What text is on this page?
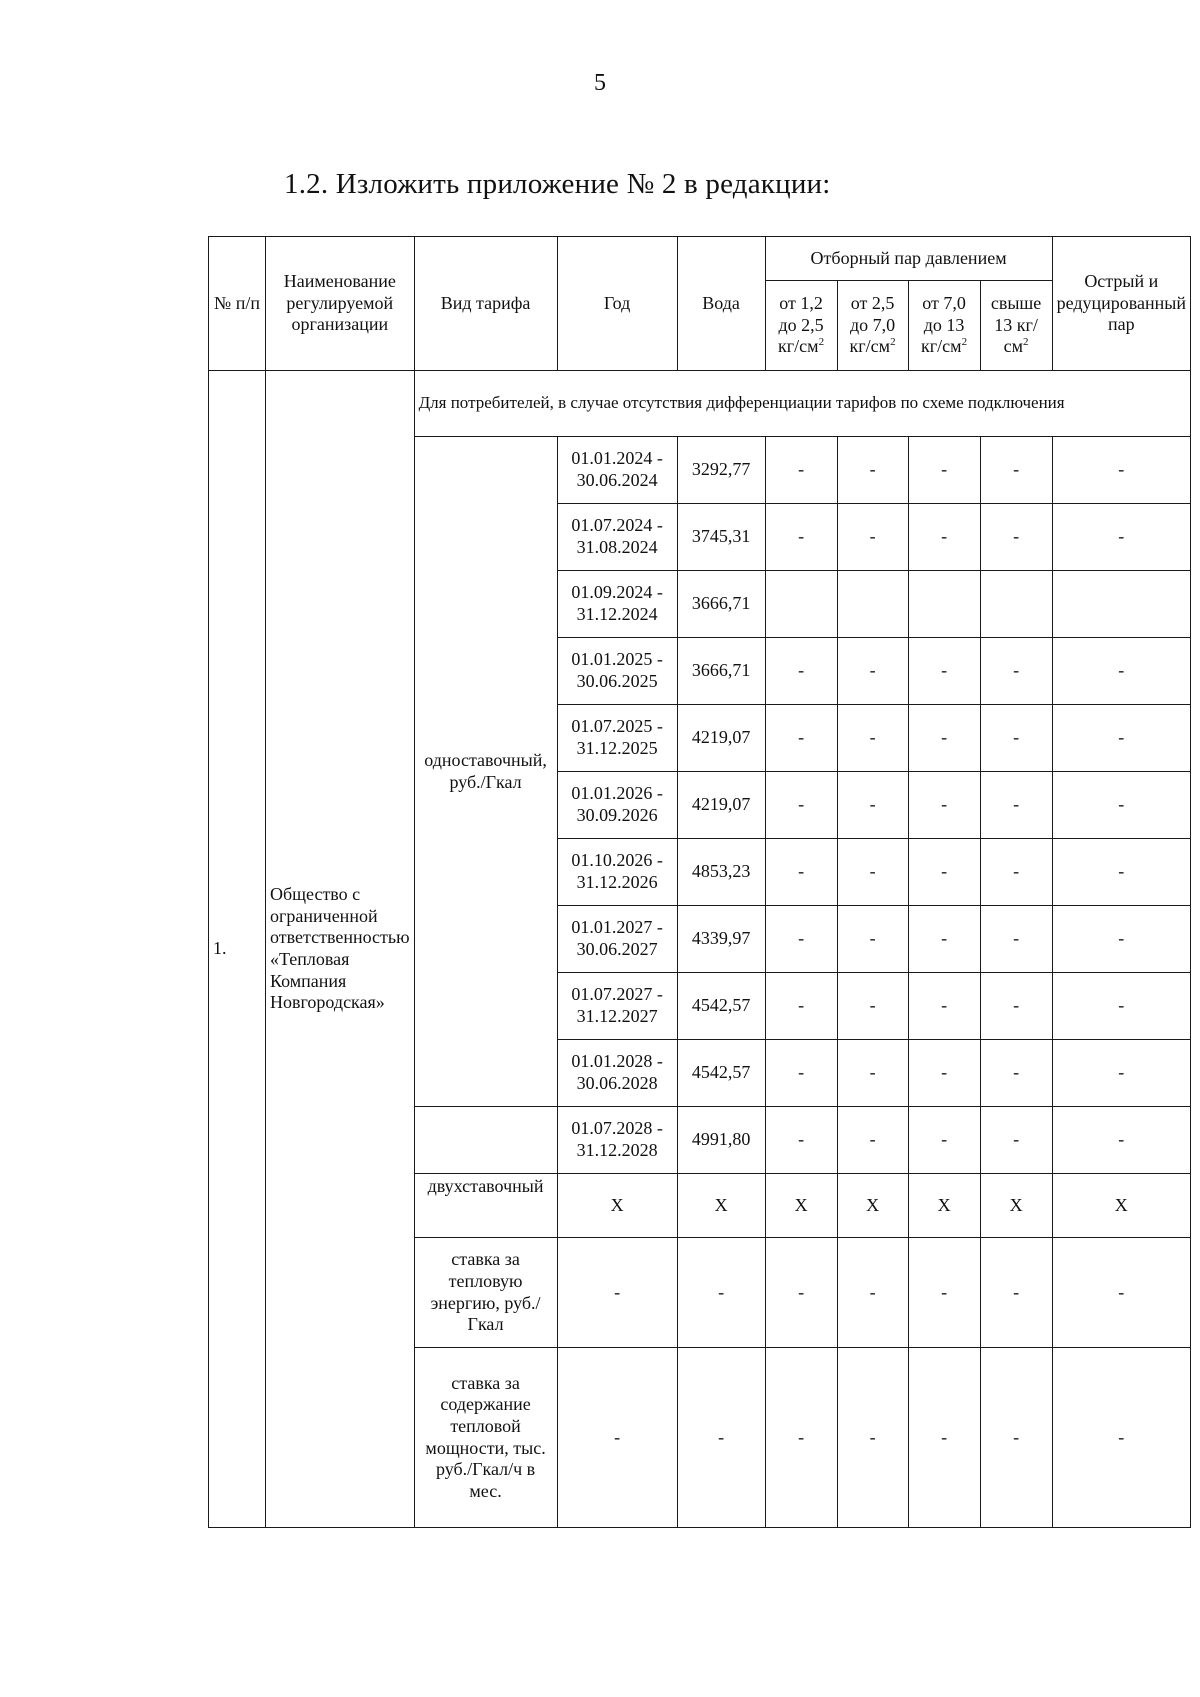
5
1.2. Изложить приложение № 2 в редакции:
№ п/п	Наименование регулируемой организации	Вид тарифа	Год	Вода	Отборный пар давлением				Острый и редуцированный пар
					от 1,2 до 2,5 $кг/см^2$	от 2,5 до 7,0 $кг/см^2$	от 7,0 до 13 $кг/см^2$	свыше 13 $кг/см^2$
1.	Общество с ограниченной ответственностью «Тепловая Компания Новгородская»	Для потребителей, в случае отсутствия дифференциации тарифов по схеме подключения							
		одноставочный, руб./Гкал	01.01.2024 - 30.06.2024	3292,77	-	-	-	-	-
			01.07.2024 - 31.08.2024	3745,31	-	-	-	-	-
			01.09.2024 - 31.12.2024	3666,71					
			01.01.2025 - 30.06.2025	3666,71	-	-	-	-	-
			01.07.2025 - 31.12.2025	4219,07	-	-	-	-	-
			01.01.2026 - 30.09.2026	4219,07	-	-	-	-	-
			01.10.2026 - 31.12.2026	4853,23	-	-	-	-	-
			01.01.2027 - 30.06.2027	4339,97	-	-	-	-	-
			01.07.2027 - 31.12.2027	4542,57	-	-	-	-	-
			01.01.2028 - 30.06.2028	4542,57	-	-	-	-	-
			01.07.2028 - 31.12.2028	4991,80	-	-	-	-	-
		двухставочный	X	X	X	X	X	X	X
		ставка за тепловую энергию, руб./Гкал	-	-	-	-	-	-	-
		ставка за содержание тепловой мощности, тыс. руб./Гкал/ч в мес.	-	-	-	-	-	-	-
